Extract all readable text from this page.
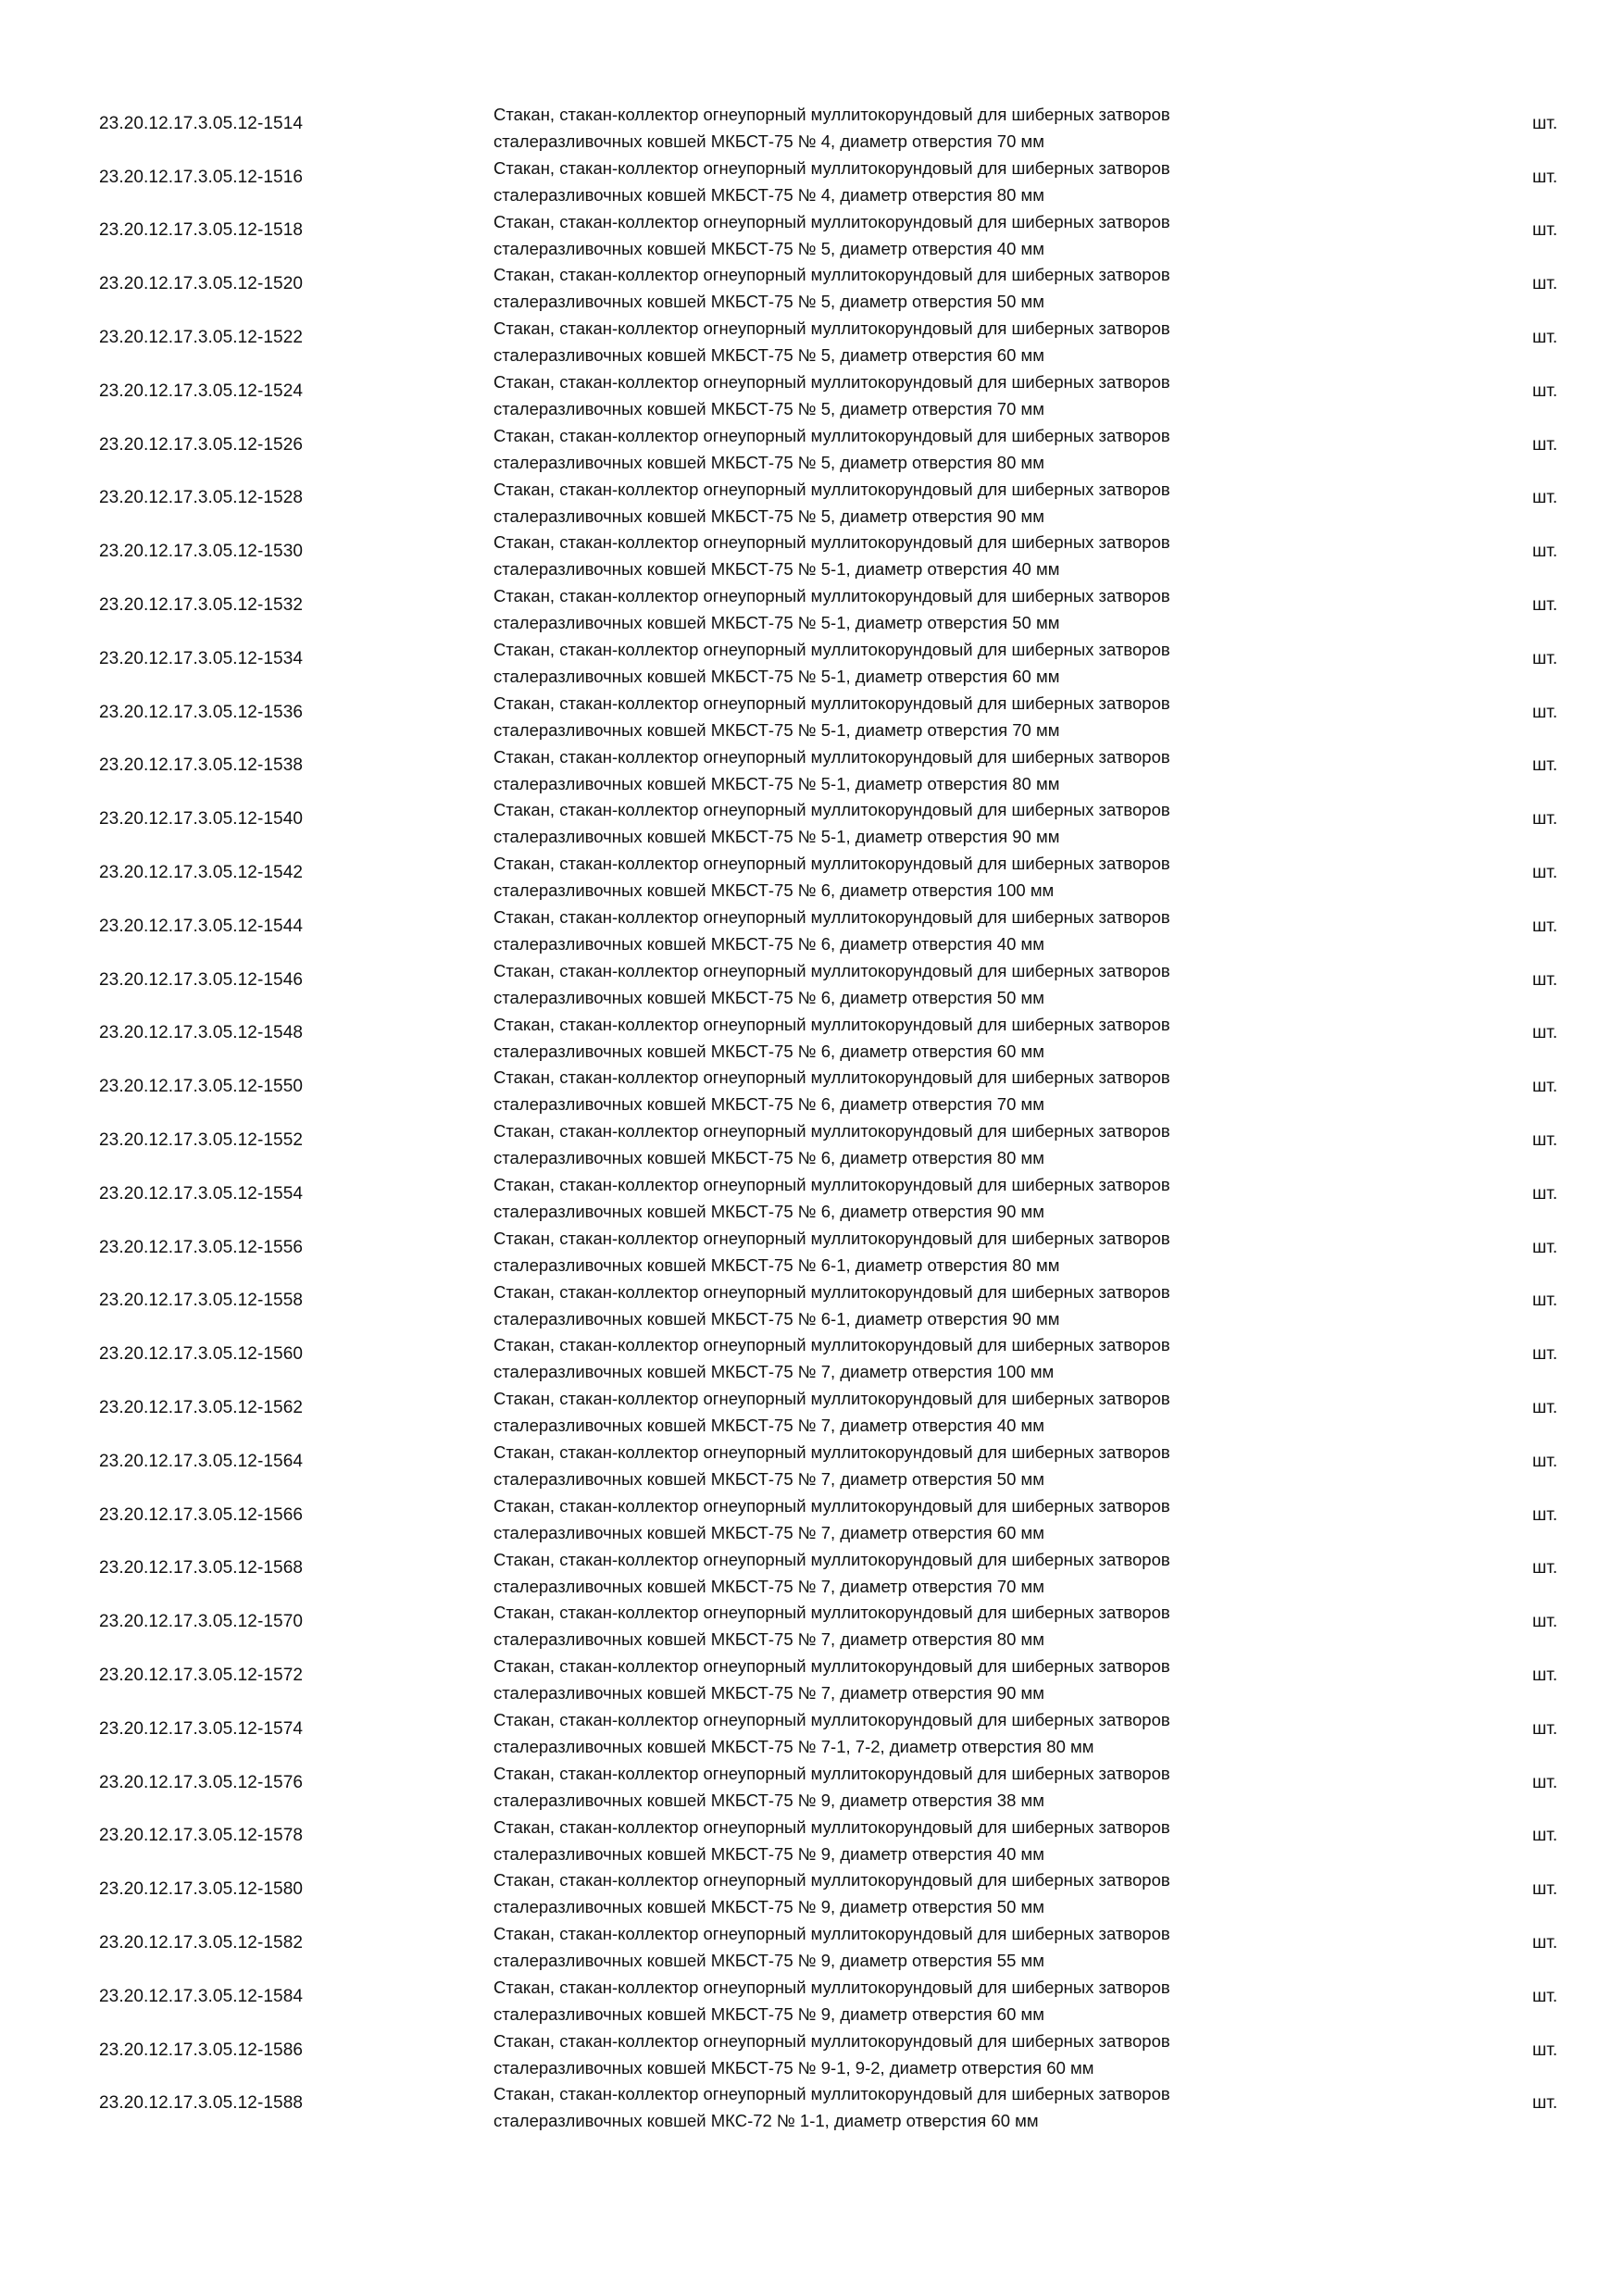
23.20.12.17.3.05.12-1514	Стакан, стакан-коллектор огнеупорный муллитокорундовый для шиберных затворов
сталеразливочных ковшей МКБСТ-75 № 4, диаметр отверстия 70 мм
шт.
23.20.12.17.3.05.12-1516	Стакан, стакан-коллектор огнеупорный муллитокорундовый для шиберных затворов
сталеразливочных ковшей МКБСТ-75 № 4, диаметр отверстия 80 мм
шт.
23.20.12.17.3.05.12-1518	Стакан, стакан-коллектор огнеупорный муллитокорундовый для шиберных затворов
сталеразливочных ковшей МКБСТ-75 № 5, диаметр отверстия 40 мм
шт.
23.20.12.17.3.05.12-1520	Стакан, стакан-коллектор огнеупорный муллитокорундовый для шиберных затворов
сталеразливочных ковшей МКБСТ-75 № 5, диаметр отверстия 50 мм
шт.
23.20.12.17.3.05.12-1522	Стакан, стакан-коллектор огнеупорный муллитокорундовый для шиберных затворов
сталеразливочных ковшей МКБСТ-75 № 5, диаметр отверстия 60 мм
шт.
23.20.12.17.3.05.12-1524	Стакан, стакан-коллектор огнеупорный муллитокорундовый для шиберных затворов
сталеразливочных ковшей МКБСТ-75 № 5, диаметр отверстия 70 мм
шт.
23.20.12.17.3.05.12-1526	Стакан, стакан-коллектор огнеупорный муллитокорундовый для шиберных затворов
сталеразливочных ковшей МКБСТ-75 № 5, диаметр отверстия 80 мм
шт.
23.20.12.17.3.05.12-1528	Стакан, стакан-коллектор огнеупорный муллитокорундовый для шиберных затворов
сталеразливочных ковшей МКБСТ-75 № 5, диаметр отверстия 90 мм
шт.
23.20.12.17.3.05.12-1530	Стакан, стакан-коллектор огнеупорный муллитокорундовый для шиберных затворов
сталеразливочных ковшей МКБСТ-75 № 5-1, диаметр отверстия 40 мм
шт.
23.20.12.17.3.05.12-1532	Стакан, стакан-коллектор огнеупорный муллитокорундовый для шиберных затворов
сталеразливочных ковшей МКБСТ-75 № 5-1, диаметр отверстия 50 мм
шт.
23.20.12.17.3.05.12-1534	Стакан, стакан-коллектор огнеупорный муллитокорундовый для шиберных затворов
сталеразливочных ковшей МКБСТ-75 № 5-1, диаметр отверстия 60 мм
шт.
23.20.12.17.3.05.12-1536	Стакан, стакан-коллектор огнеупорный муллитокорундовый для шиберных затворов
сталеразливочных ковшей МКБСТ-75 № 5-1, диаметр отверстия 70 мм
шт.
23.20.12.17.3.05.12-1538	Стакан, стакан-коллектор огнеупорный муллитокорундовый для шиберных затворов
сталеразливочных ковшей МКБСТ-75 № 5-1, диаметр отверстия 80 мм
шт.
23.20.12.17.3.05.12-1540	Стакан, стакан-коллектор огнеупорный муллитокорундовый для шиберных затворов
сталеразливочных ковшей МКБСТ-75 № 5-1, диаметр отверстия 90 мм
шт.
23.20.12.17.3.05.12-1542	Стакан, стакан-коллектор огнеупорный муллитокорундовый для шиберных затворов
сталеразливочных ковшей МКБСТ-75 № 6, диаметр отверстия 100 мм
шт.
23.20.12.17.3.05.12-1544	Стакан, стакан-коллектор огнеупорный муллитокорундовый для шиберных затворов
сталеразливочных ковшей МКБСТ-75 № 6, диаметр отверстия 40 мм
шт.
23.20.12.17.3.05.12-1546	Стакан, стакан-коллектор огнеупорный муллитокорундовый для шиберных затворов
сталеразливочных ковшей МКБСТ-75 № 6, диаметр отверстия 50 мм
шт.
23.20.12.17.3.05.12-1548	Стакан, стакан-коллектор огнеупорный муллитокорундовый для шиберных затворов
сталеразливочных ковшей МКБСТ-75 № 6, диаметр отверстия 60 мм
шт.
23.20.12.17.3.05.12-1550	Стакан, стакан-коллектор огнеупорный муллитокорундовый для шиберных затворов
сталеразливочных ковшей МКБСТ-75 № 6, диаметр отверстия 70 мм
шт.
23.20.12.17.3.05.12-1552	Стакан, стакан-коллектор огнеупорный муллитокорундовый для шиберных затворов
сталеразливочных ковшей МКБСТ-75 № 6, диаметр отверстия 80 мм
шт.
23.20.12.17.3.05.12-1554	Стакан, стакан-коллектор огнеупорный муллитокорундовый для шиберных затворов
сталеразливочных ковшей МКБСТ-75 № 6, диаметр отверстия 90 мм
шт.
23.20.12.17.3.05.12-1556	Стакан, стакан-коллектор огнеупорный муллитокорундовый для шиберных затворов
сталеразливочных ковшей МКБСТ-75 № 6-1, диаметр отверстия 80 мм
шт.
23.20.12.17.3.05.12-1558	Стакан, стакан-коллектор огнеупорный муллитокорундовый для шиберных затворов
сталеразливочных ковшей МКБСТ-75 № 6-1, диаметр отверстия 90 мм
шт.
23.20.12.17.3.05.12-1560	Стакан, стакан-коллектор огнеупорный муллитокорундовый для шиберных затворов
сталеразливочных ковшей МКБСТ-75 № 7, диаметр отверстия 100 мм
шт.
23.20.12.17.3.05.12-1562	Стакан, стакан-коллектор огнеупорный муллитокорундовый для шиберных затворов
сталеразливочных ковшей МКБСТ-75 № 7, диаметр отверстия 40 мм
шт.
23.20.12.17.3.05.12-1564	Стакан, стакан-коллектор огнеупорный муллитокорундовый для шиберных затворов
сталеразливочных ковшей МКБСТ-75 № 7, диаметр отверстия 50 мм
шт.
23.20.12.17.3.05.12-1566	Стакан, стакан-коллектор огнеупорный муллитокорундовый для шиберных затворов
сталеразливочных ковшей МКБСТ-75 № 7, диаметр отверстия 60 мм
шт.
23.20.12.17.3.05.12-1568	Стакан, стакан-коллектор огнеупорный муллитокорундовый для шиберных затворов
сталеразливочных ковшей МКБСТ-75 № 7, диаметр отверстия 70 мм
шт.
23.20.12.17.3.05.12-1570	Стакан, стакан-коллектор огнеупорный муллитокорундовый для шиберных затворов
сталеразливочных ковшей МКБСТ-75 № 7, диаметр отверстия 80 мм
шт.
23.20.12.17.3.05.12-1572	Стакан, стакан-коллектор огнеупорный муллитокорундовый для шиберных затворов
сталеразливочных ковшей МКБСТ-75 № 7, диаметр отверстия 90 мм
шт.
23.20.12.17.3.05.12-1574	Стакан, стакан-коллектор огнеупорный муллитокорундовый для шиберных затворов
сталеразливочных ковшей МКБСТ-75 № 7-1, 7-2, диаметр отверстия 80 мм
шт.
23.20.12.17.3.05.12-1576	Стакан, стакан-коллектор огнеупорный муллитокорундовый для шиберных затворов
сталеразливочных ковшей МКБСТ-75 № 9, диаметр отверстия 38 мм
шт.
23.20.12.17.3.05.12-1578	Стакан, стакан-коллектор огнеупорный муллитокорундовый для шиберных затворов
сталеразливочных ковшей МКБСТ-75 № 9, диаметр отверстия 40 мм
шт.
23.20.12.17.3.05.12-1580	Стакан, стакан-коллектор огнеупорный муллитокорундовый для шиберных затворов
сталеразливочных ковшей МКБСТ-75 № 9, диаметр отверстия 50 мм
шт.
23.20.12.17.3.05.12-1582	Стакан, стакан-коллектор огнеупорный муллитокорундовый для шиберных затворов
сталеразливочных ковшей МКБСТ-75 № 9, диаметр отверстия 55 мм
шт.
23.20.12.17.3.05.12-1584	Стакан, стакан-коллектор огнеупорный муллитокорундовый для шиберных затворов
сталеразливочных ковшей МКБСТ-75 № 9, диаметр отверстия 60 мм
шт.
23.20.12.17.3.05.12-1586	Стакан, стакан-коллектор огнеупорный муллитокорундовый для шиберных затворов
сталеразливочных ковшей МКБСТ-75 № 9-1, 9-2, диаметр отверстия 60 мм
шт.
23.20.12.17.3.05.12-1588	Стакан, стакан-коллектор огнеупорный муллитокорундовый для шиберных затворов
сталеразливочных ковшей МКС-72 № 1-1, диаметр отверстия 60 мм
шт.
